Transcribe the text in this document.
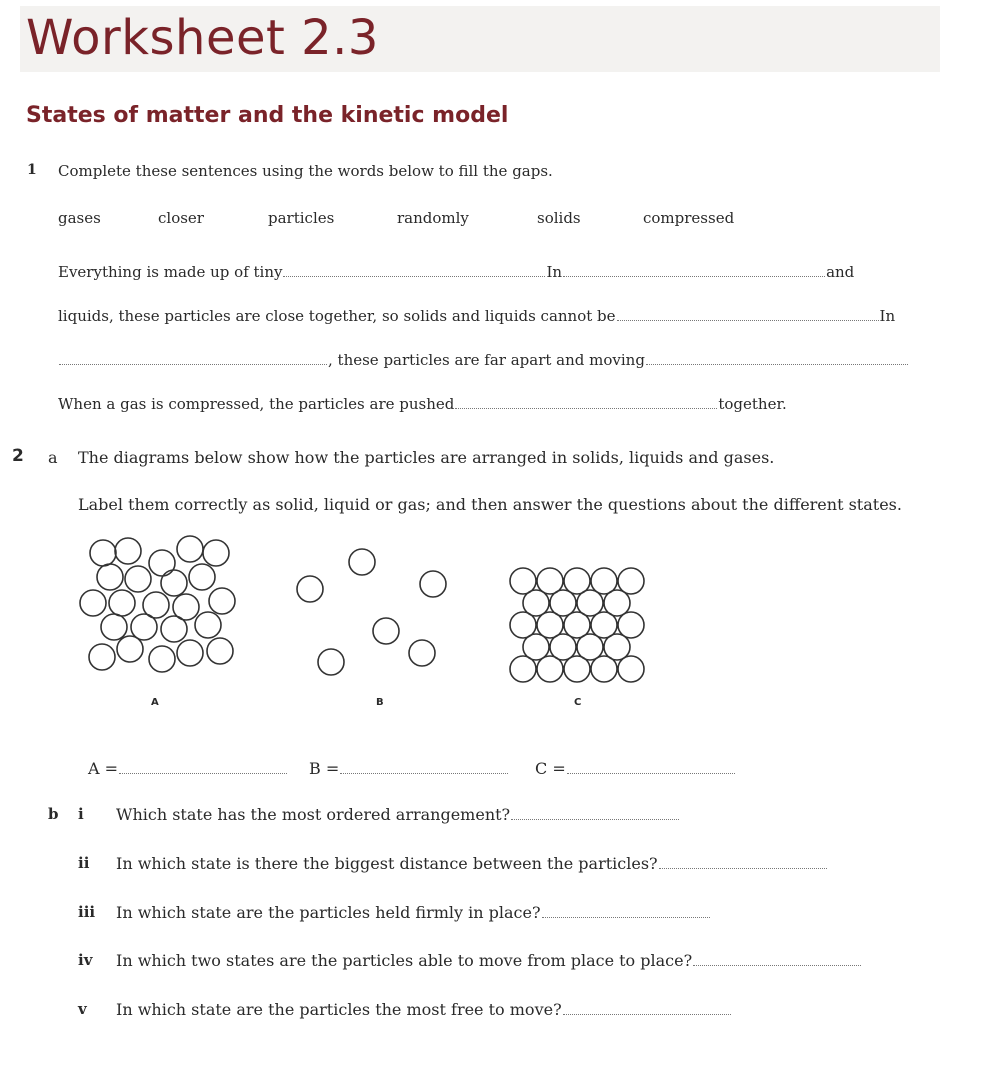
Worksheet 2.3
States of matter and the kinetic model
1 Complete these sentences using the words below to fill the gaps.
gases	closer	particles	randomly	solids	compressed
Everything is made up of tiny	In	and
liquids, these particles are close together, so solids and liquids cannot be	In
, these particles are far apart and moving
When a gas is compressed, the particles are pushed	together.
2 a The diagrams below show how the particles are arranged in solids, liquids and gases.
Label them correctly as solid, liquid or gas; and then answer the questions about the different states.
A	B	C
A =	B =	C =
b i Which state has the most ordered arrangement?
ii In which state is there the biggest distance between the particles?
iii In which state are the particles held firmly in place?
iv In which two states are the particles able to move from place to place?
v In which state are the particles the most free to move?
